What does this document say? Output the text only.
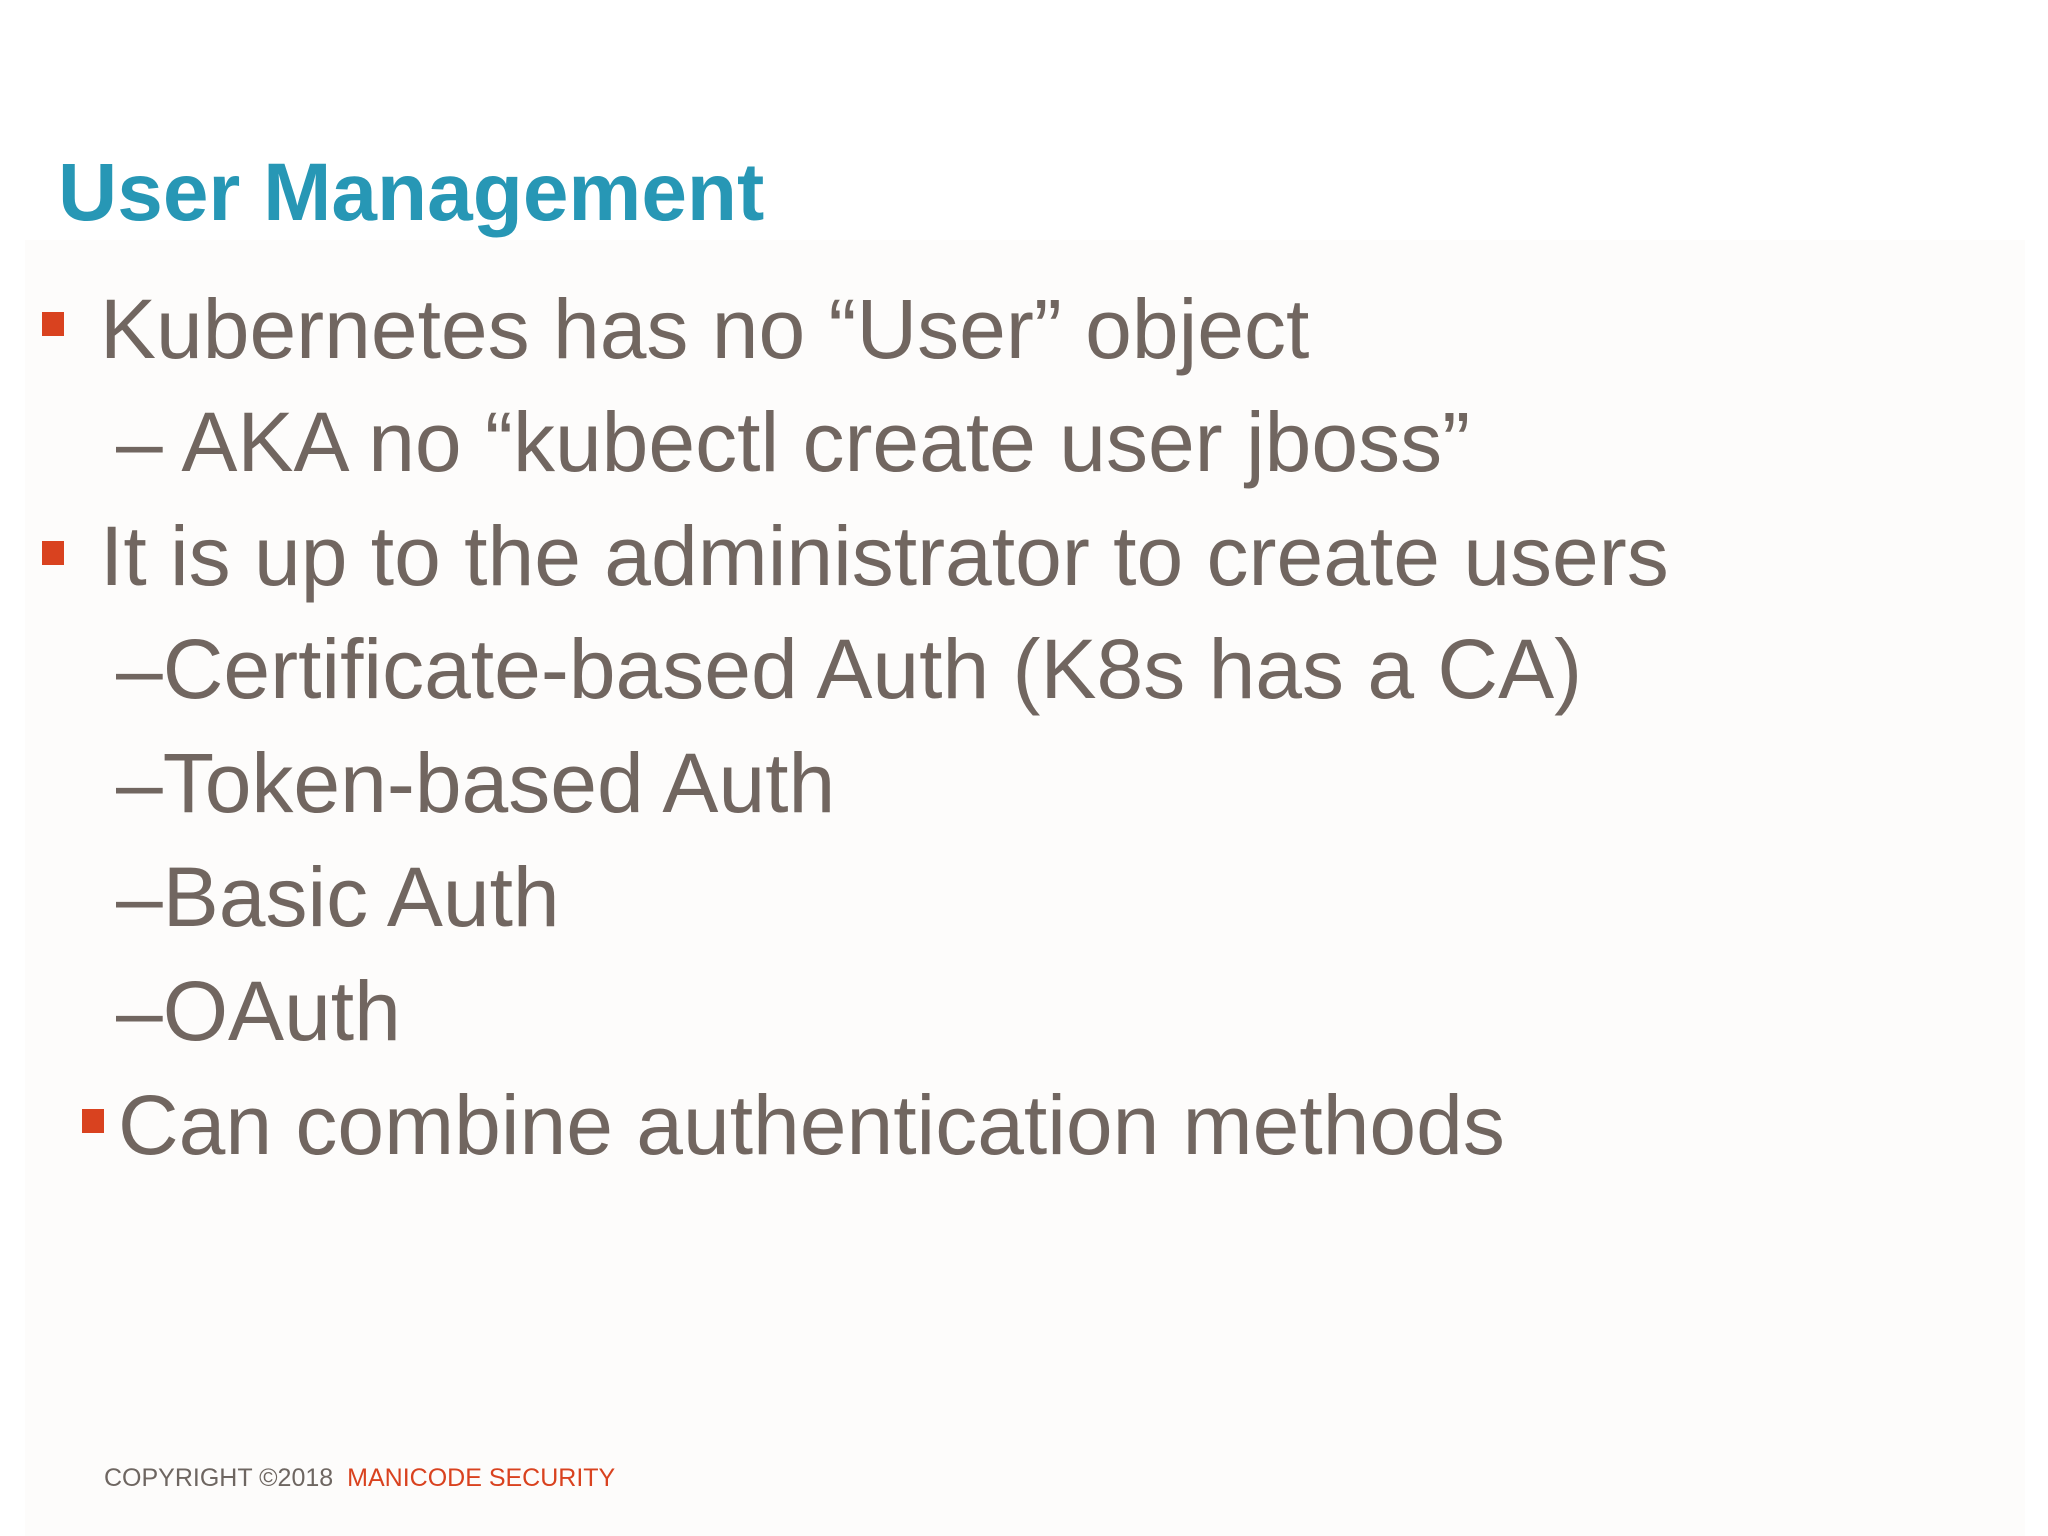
User Management

Kubernetes has no “User” object

– AKA no “kubectl create user jboss”

It is up to the administrator to create users

–Certificate-based Auth (K8s has a CA)

–Token-based Auth

–Basic Auth

–OAuth

Can combine authentication methods

COPYRIGHT ©2018 MANICODE SECURITY
